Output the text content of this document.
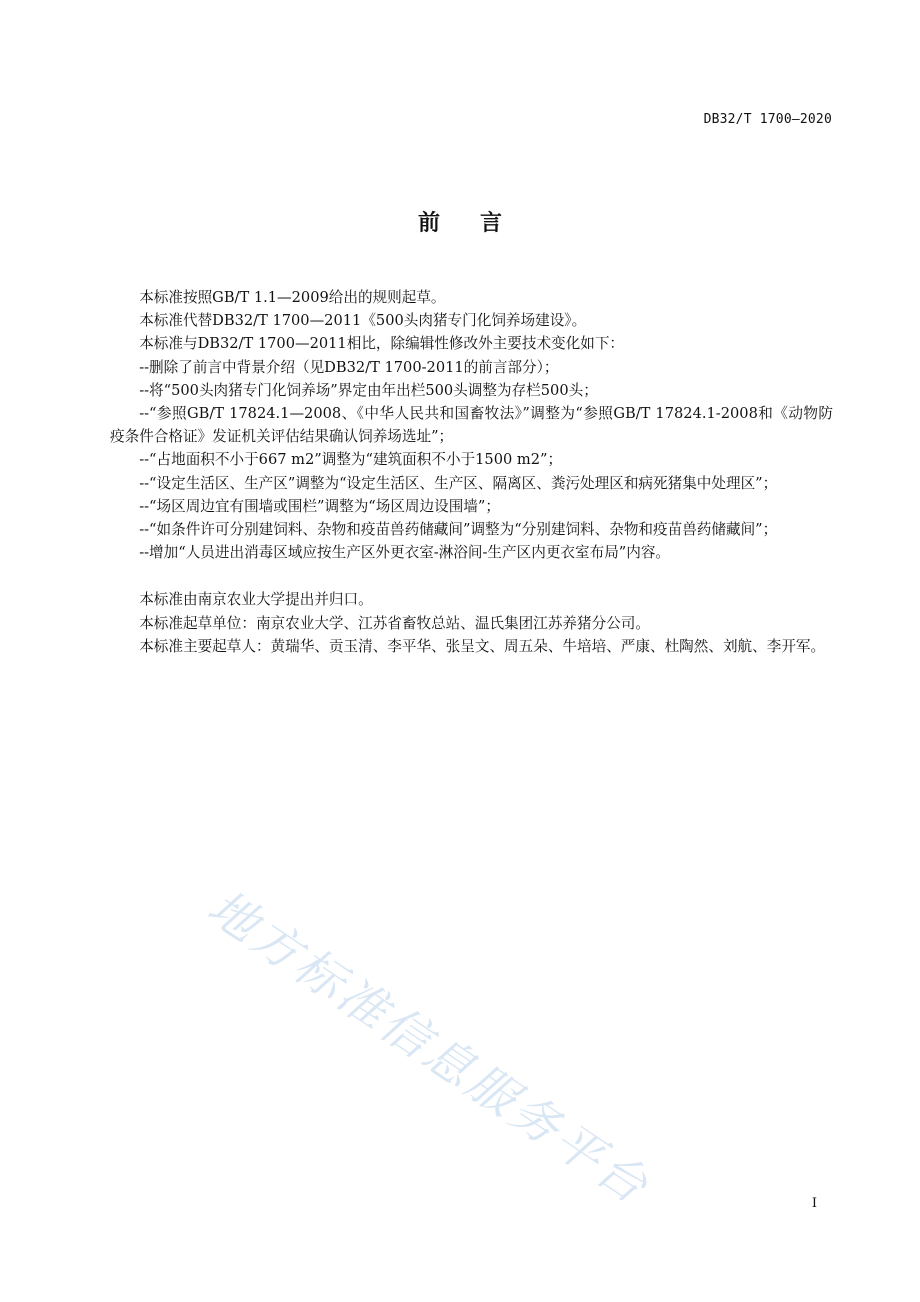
DB32/T 1700—2020
前言

本标准按照GB/T 1.1—2009给出的规则起草。

本标准代替DB32/T 1700—2011《500头肉猪专门化饲养场建设》。

本标准与DB32/T 1700—2011相比，除编辑性修改外主要技术变化如下：

--删除了前言中背景介绍（见DB32/T 1700-2011的前言部分）；

--将“500头肉猪专门化饲养场”界定由年出栏500头调整为存栏500头；

--“参照GB/T 17824.1—2008、《中华人民共和国畜牧法》”调整为“参照GB/T 17824.1-2008和《动物防疫条件合格证》发证机关评估结果确认饲养场选址”；

--“占地面积不小于667 m2”调整为“建筑面积不小于1500 m2”；

--“设定生活区、生产区”调整为“设定生活区、生产区、隔离区、粪污处理区和病死猪集中处理区”；

--“场区周边宜有围墙或围栏”调整为“场区周边设围墙”；

--“如条件许可分别建饲料、杂物和疫苗兽药储藏间”调整为“分别建饲料、杂物和疫苗兽药储藏间”；

--增加“人员进出消毒区域应按生产区外更衣室-淋浴间-生产区内更衣室布局”内容。

本标准由南京农业大学提出并归口。

本标准起草单位：南京农业大学、江苏省畜牧总站、温氏集团江苏养猪分公司。

本标准主要起草人：黄瑞华、贡玉清、李平华、张呈文、周五朵、牛培培、严康、杜陶然、刘航、李开军。

地方标准信息服务平台	I
